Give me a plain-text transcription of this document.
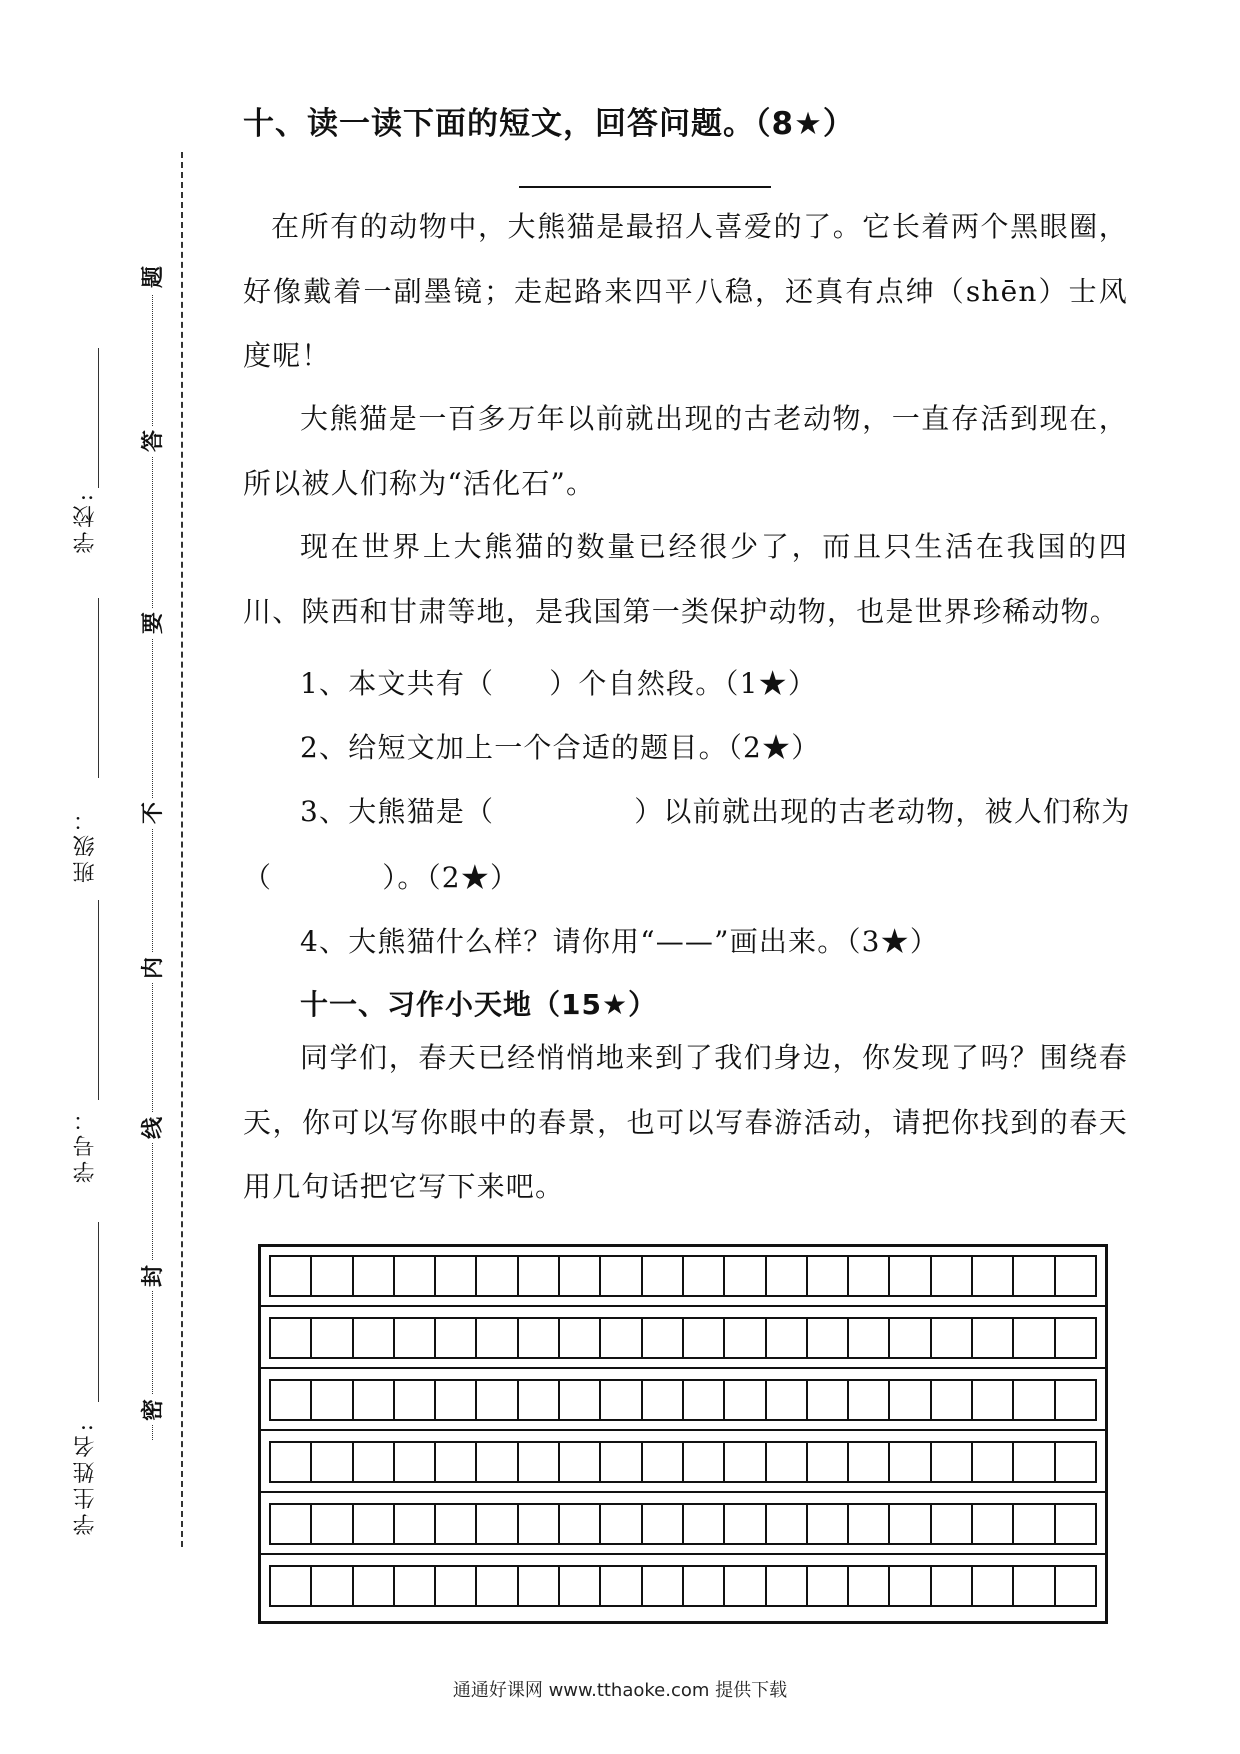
学校:
班级：
学号：
学生姓名:
题
答
要
不
内
线
封
密
十、读一读下面的短文，回答问题。（8★）
在所有的动物中，大熊猫是最招人喜爱的了。它长着两个黑眼圈，好像戴着一副墨镜；走起路来四平八稳，还真有点绅（shēn）士风度呢！
大熊猫是一百多万年以前就出现的古老动物，一直存活到现在，所以被人们称为“活化石”。
现在世界上大熊猫的数量已经很少了，而且只生活在我国的四川、陕西和甘肃等地，是我国第一类保护动物，也是世界珍稀动物。
1、本文共有（ ）个自然段。（1★）
2、给短文加上一个合适的题目。（2★）
3、大熊猫是（	）以前就出现的古老动物，被人们称为
（	）。（2★）
4、大熊猫什么样？请你用“——”画出来。（3★）
十一、习作小天地（15★）
同学们，春天已经悄悄地来到了我们身边，你发现了吗？围绕春天，你可以写你眼中的春景，也可以写春游活动，请把你找到的春天用几句话把它写下来吧。
通通好课网 www.tthaoke.com 提供下载
